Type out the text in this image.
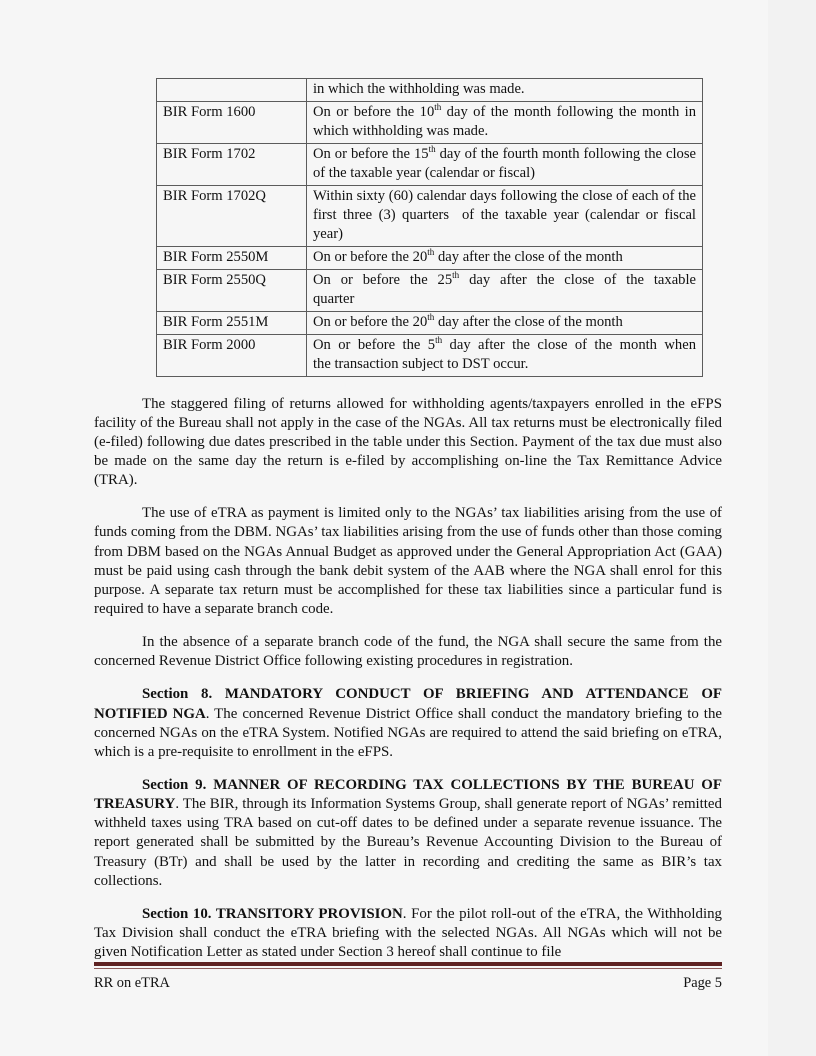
	in which the withholding was made.
BIR Form 1600	On or before the 10th day of the month following the month in which withholding was made.
BIR Form 1702	On or before the 15th day of the fourth month following the close of the taxable year (calendar or fiscal)
BIR Form 1702Q	Within sixty (60) calendar days following the close of each of the first three (3) quarters  of the taxable year (calendar or fiscal year)
BIR Form 2550M	On or before the 20th day after the close of the month
BIR Form 2550Q	On  or  before  the  25th  day  after  the  close  of  the  taxable quarter
BIR Form 2551M	On or before the 20th day after the close of the month
BIR Form 2000	On  or  before  the  5th  day  after  the  close  of  the  month  when the transaction subject to DST occur.

The staggered filing of returns allowed for withholding agents/taxpayers enrolled in the eFPS facility of the Bureau shall not apply in the case of the NGAs. All tax returns must be electronically filed (e-filed) following due dates prescribed in the table under this Section. Payment of the tax due must also be made on the same day the return is e-filed by accomplishing on-line the Tax Remittance Advice (TRA).

The use of eTRA as payment is limited only to the NGAs’ tax liabilities arising from the use of funds coming from the DBM. NGAs’ tax liabilities arising from the use of funds other than those coming from DBM based on the NGAs Annual Budget as approved under the General Appropriation Act (GAA) must be paid using cash through the bank debit system of the AAB where the NGA shall enrol for this purpose. A separate tax return must be accomplished for these tax liabilities since a particular fund is required to have a separate branch code.

In the absence of a separate branch code of the fund, the NGA shall secure the same from the concerned Revenue District Office following existing procedures in registration.

Section 8. MANDATORY CONDUCT OF BRIEFING AND ATTENDANCE OF NOTIFIED NGA. The concerned Revenue District Office shall conduct the mandatory briefing to the concerned NGAs on the eTRA System. Notified NGAs are required to attend the said briefing on eTRA, which is a pre-requisite to enrollment in the eFPS.

Section 9. MANNER OF RECORDING TAX COLLECTIONS BY THE BUREAU OF TREASURY. The BIR, through its Information Systems Group, shall generate report of NGAs’ remitted withheld taxes using TRA based on cut-off dates to be defined under a separate revenue issuance. The report generated shall be submitted by the Bureau’s Revenue Accounting Division to the Bureau of Treasury (BTr) and shall be used by the latter in recording and crediting the same as BIR’s tax collections.

Section 10. TRANSITORY PROVISION. For the pilot roll-out of the eTRA, the Withholding Tax Division shall conduct the eTRA briefing with the selected NGAs. All NGAs which will not be given Notification Letter as stated under Section 3 hereof shall continue to file

RR on eTRA	Page 5
